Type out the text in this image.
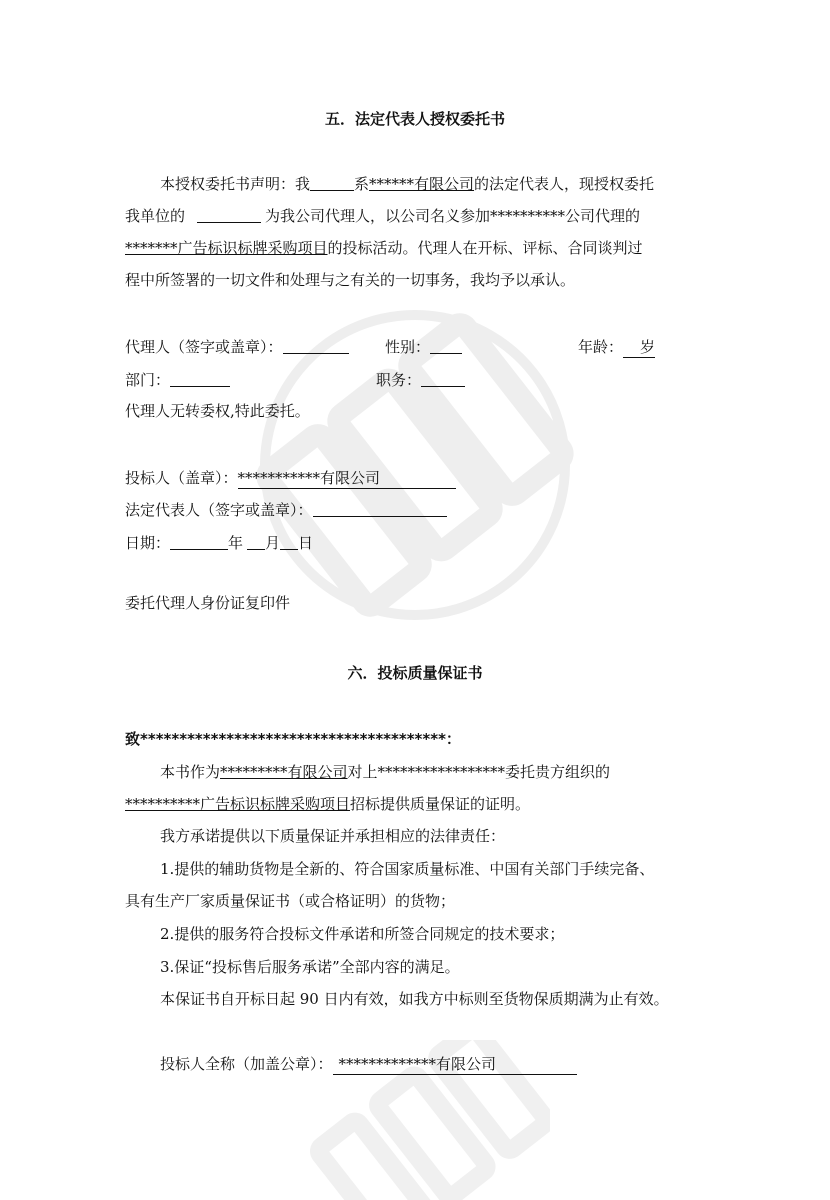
五．法定代表人授权委托书
本授权委托书声明：我	系******有限公司的法定代表人，现授权委托
我单位的	为我公司代理人，以公司名义参加**********公司代理的
*******广告标识标牌采购项目的投标活动。代理人在开标、评标、合同谈判过
程中所签署的一切文件和处理与之有关的一切事务，我均予以承认。
代理人（签字或盖章）：	性别：	年龄： 岁
部门：	职务：
代理人无转委权,特此委托。
投标人（盖章）：***********有限公司
法定代表人（签字或盖章）：
日期：	年 月 日
委托代理人身份证复印件
六．投标质量保证书
致***************************************：
本书作为*********有限公司对上*****************委托贵方组织的
**********广告标识标牌采购项目招标提供质量保证的证明。
我方承诺提供以下质量保证并承担相应的法律责任：
1.提供的辅助货物是全新的、符合国家质量标准、中国有关部门手续完备、
具有生产厂家质量保证书（或合格证明）的货物；
2.提供的服务符合投标文件承诺和所签合同规定的技术要求；
3.保证“投标售后服务承诺”全部内容的满足。
本保证书自开标日起 90 日内有效，如我方中标则至货物保质期满为止有效。
投标人全称（加盖公章）： *************有限公司
